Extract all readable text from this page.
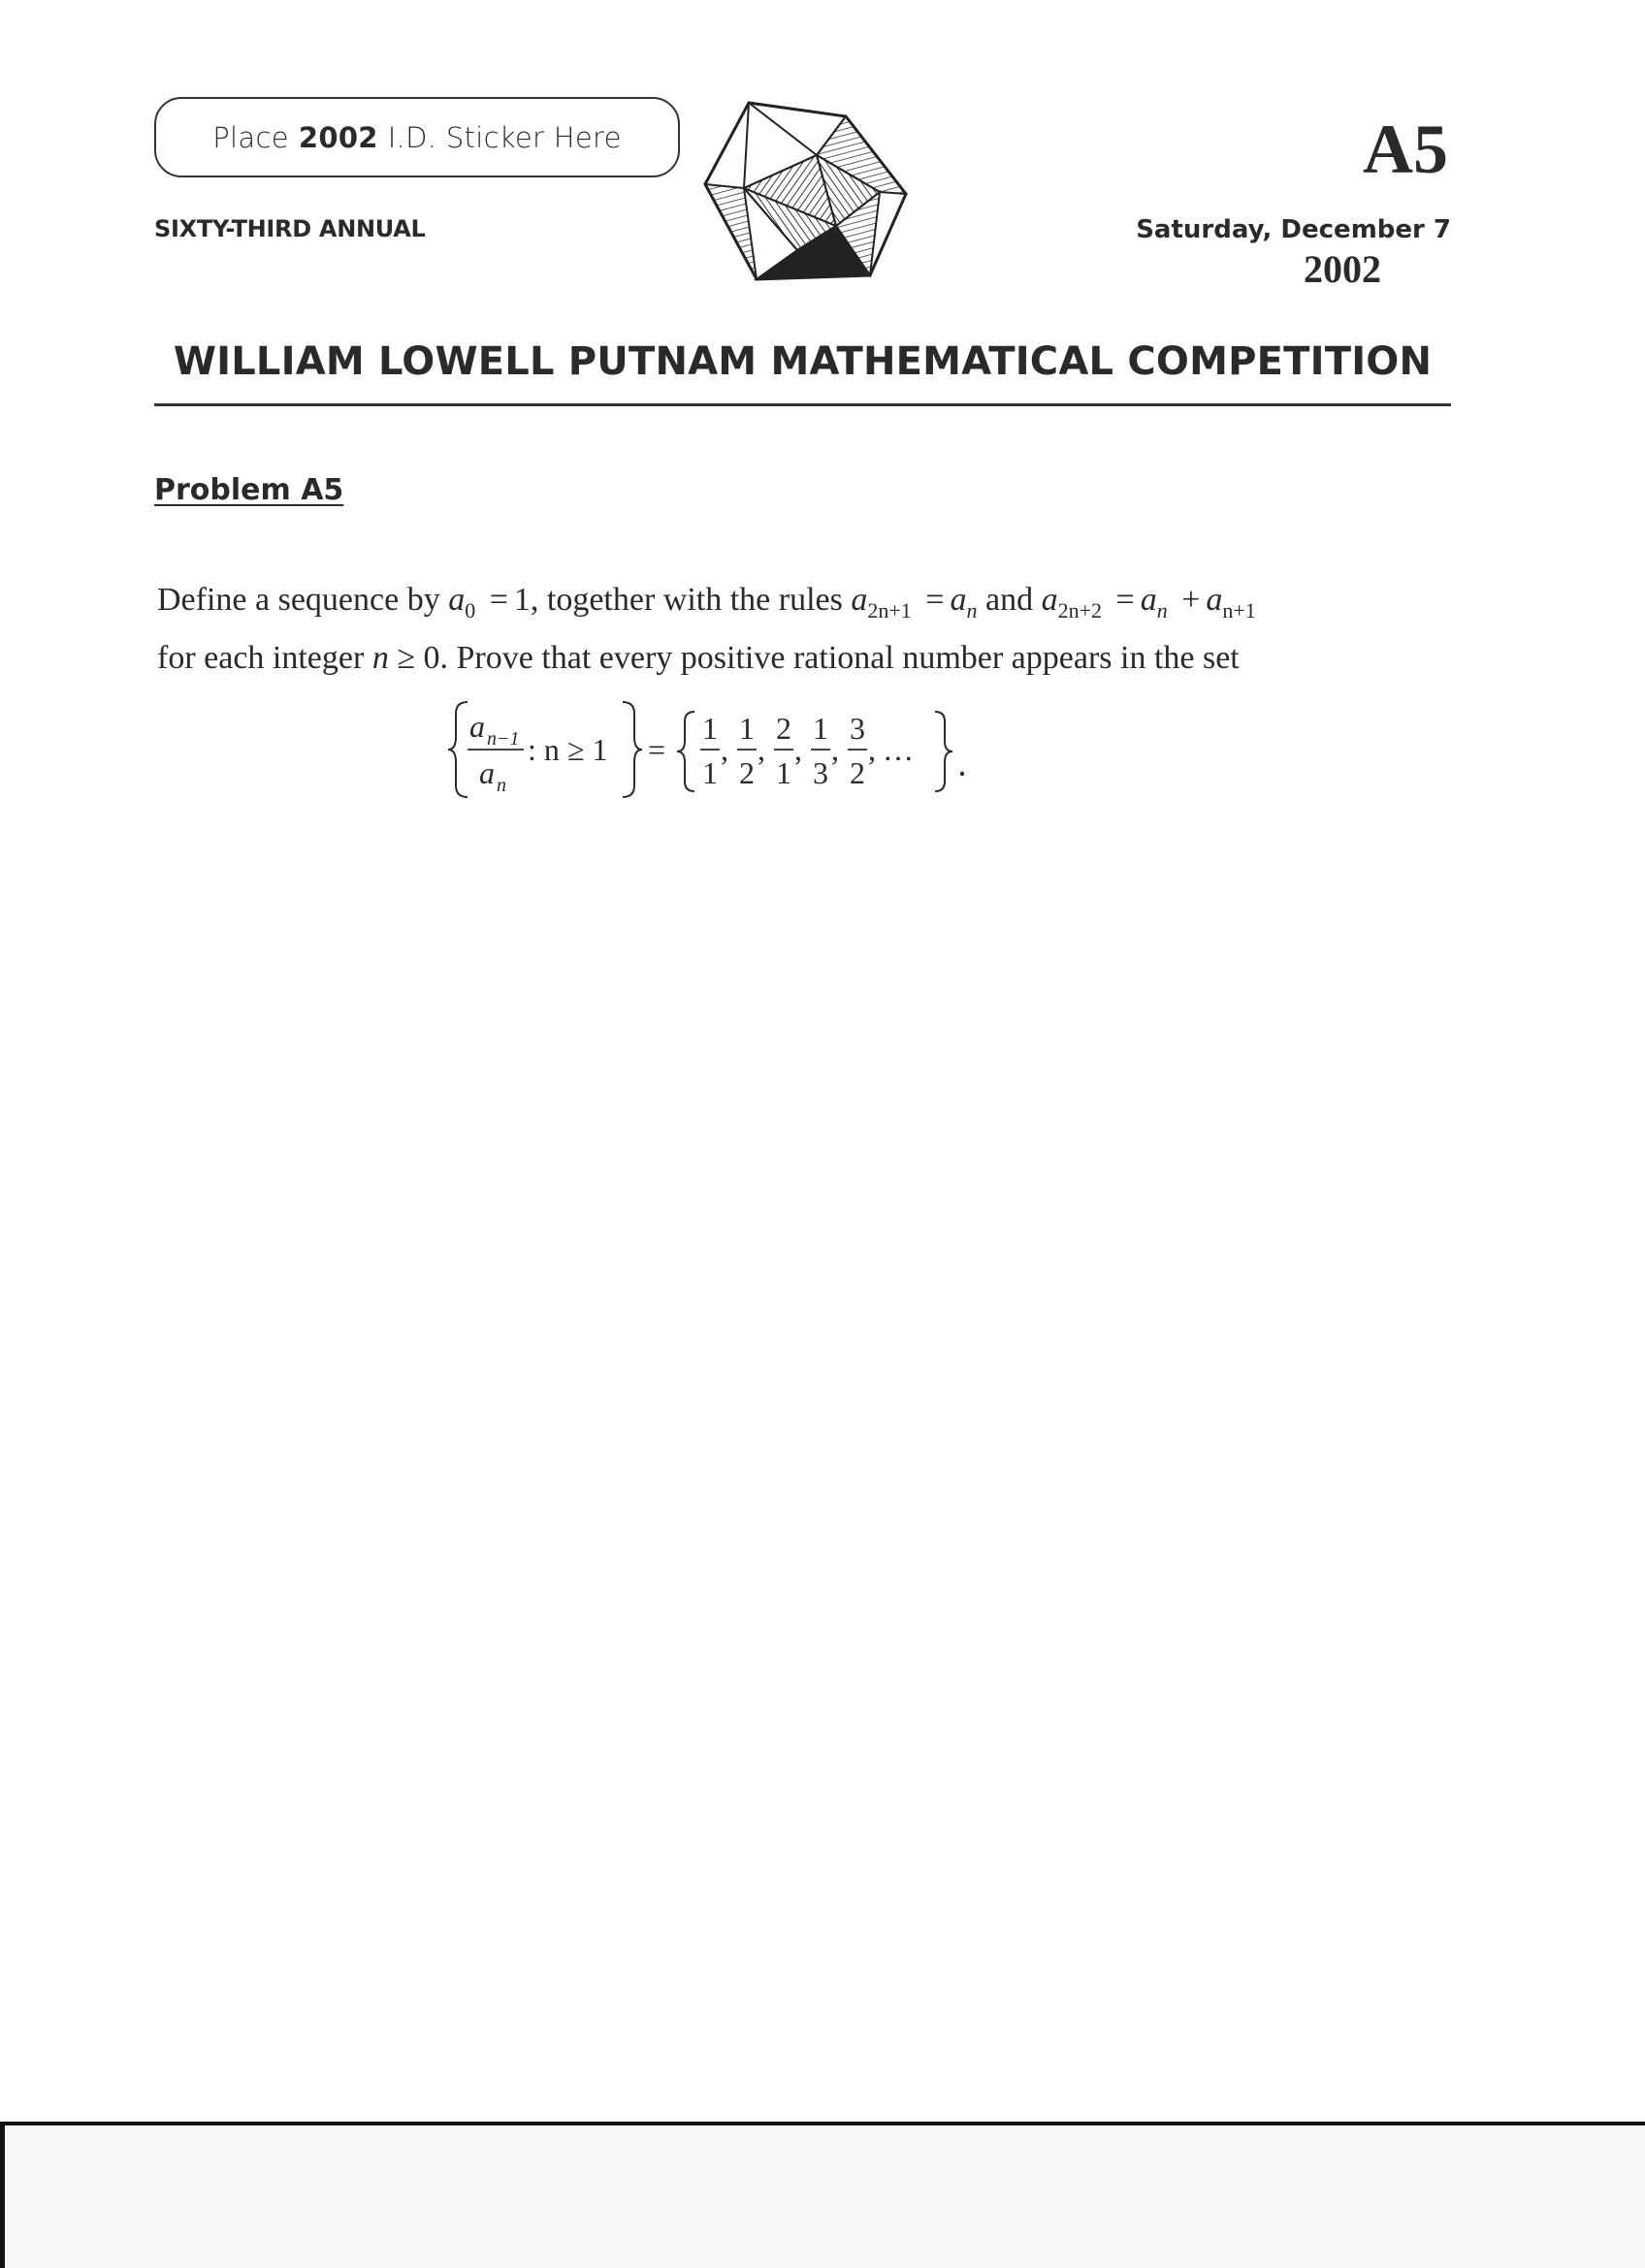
Place 2002 I.D. Sticker Here
SIXTY-THIRD ANNUAL
A5
Saturday, December 7
2002
WILLIAM LOWELL PUTNAM MATHEMATICAL COMPETITION
Problem A5
Define a sequence by $a_0 = 1$, together with the rules $a_{2n+1} = a_n$ and $a_{2n+2} = a_n + a_{n+1}$
for each integer n ≥ 0. Prove that every positive rational number appears in the set
a n−1
a n
: n ≥ 1 =
1
1
,
1
2
,
2
1
,
1
3
,
3
2
, …
